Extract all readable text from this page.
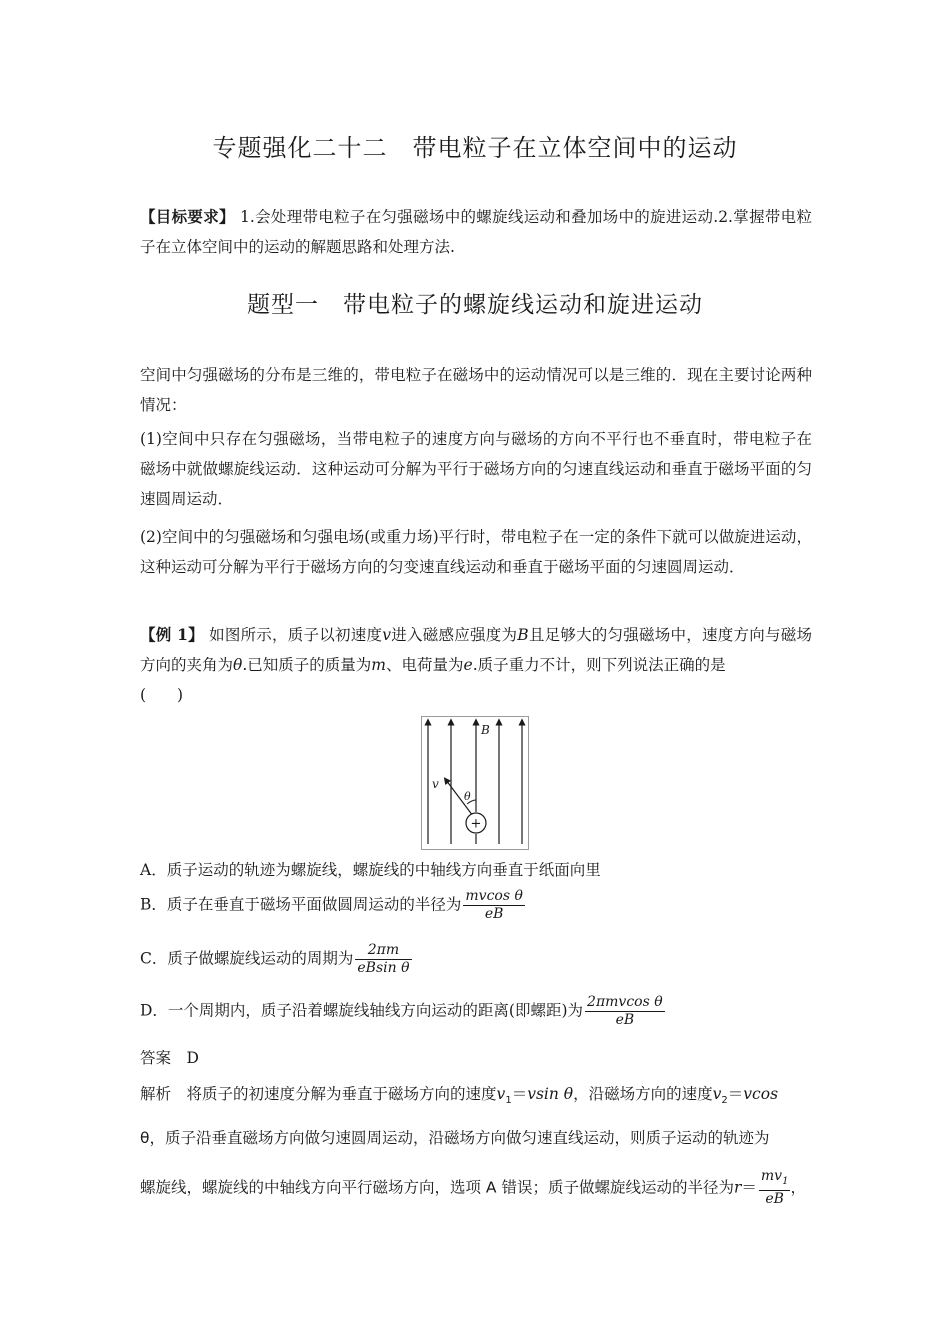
专题强化二十二　带电粒子在立体空间中的运动
【目标要求】 1.会处理带电粒子在匀强磁场中的螺旋线运动和叠加场中的旋进运动.2.掌握带电粒子在立体空间中的运动的解题思路和处理方法.
题型一　带电粒子的螺旋线运动和旋进运动
空间中匀强磁场的分布是三维的，带电粒子在磁场中的运动情况可以是三维的．现在主要讨论两种情况：
(1)空间中只存在匀强磁场，当带电粒子的速度方向与磁场的方向不平行也不垂直时，带电粒子在磁场中就做螺旋线运动．这种运动可分解为平行于磁场方向的匀速直线运动和垂直于磁场平面的匀速圆周运动．
(2)空间中的匀强磁场和匀强电场(或重力场)平行时，带电粒子在一定的条件下就可以做旋进运动，这种运动可分解为平行于磁场方向的匀变速直线运动和垂直于磁场平面的匀速圆周运动．
【例 1】 如图所示，质子以初速度v进入磁感应强度为B且足够大的匀强磁场中，速度方向与磁场方向的夹角为θ.已知质子的质量为m、电荷量为e.质子重力不计，则下列说法正确的是
(　　)
B
v
θ
+
A．质子运动的轨迹为螺旋线，螺旋线的中轴线方向垂直于纸面向里
B．质子在垂直于磁场平面做圆周运动的半径为 $\frac{\text{mvcos θ}}{eB}$
C．质子做螺旋线运动的周期为 $\frac{2\pi m}{\text{eBsin θ}}$
D．一个周期内，质子沿着螺旋线轴线方向运动的距离(即螺距)为 $\frac{\text{2πmvcos θ}}{eB}$
答案　 D
解析　 将质子的初速度分解为垂直于磁场方向的速度$v_1=vsin$ θ，沿磁场方向的速度$v_2=vcos$
θ，质子沿垂直磁场方向做匀速圆周运动，沿磁场方向做匀速直线运动，则质子运动的轨迹为
螺旋线，螺旋线的中轴线方向平行磁场方向，选项 A 错误；质子做螺旋线运动的半径为$r= \frac{mv_1}{eB}$ ，
